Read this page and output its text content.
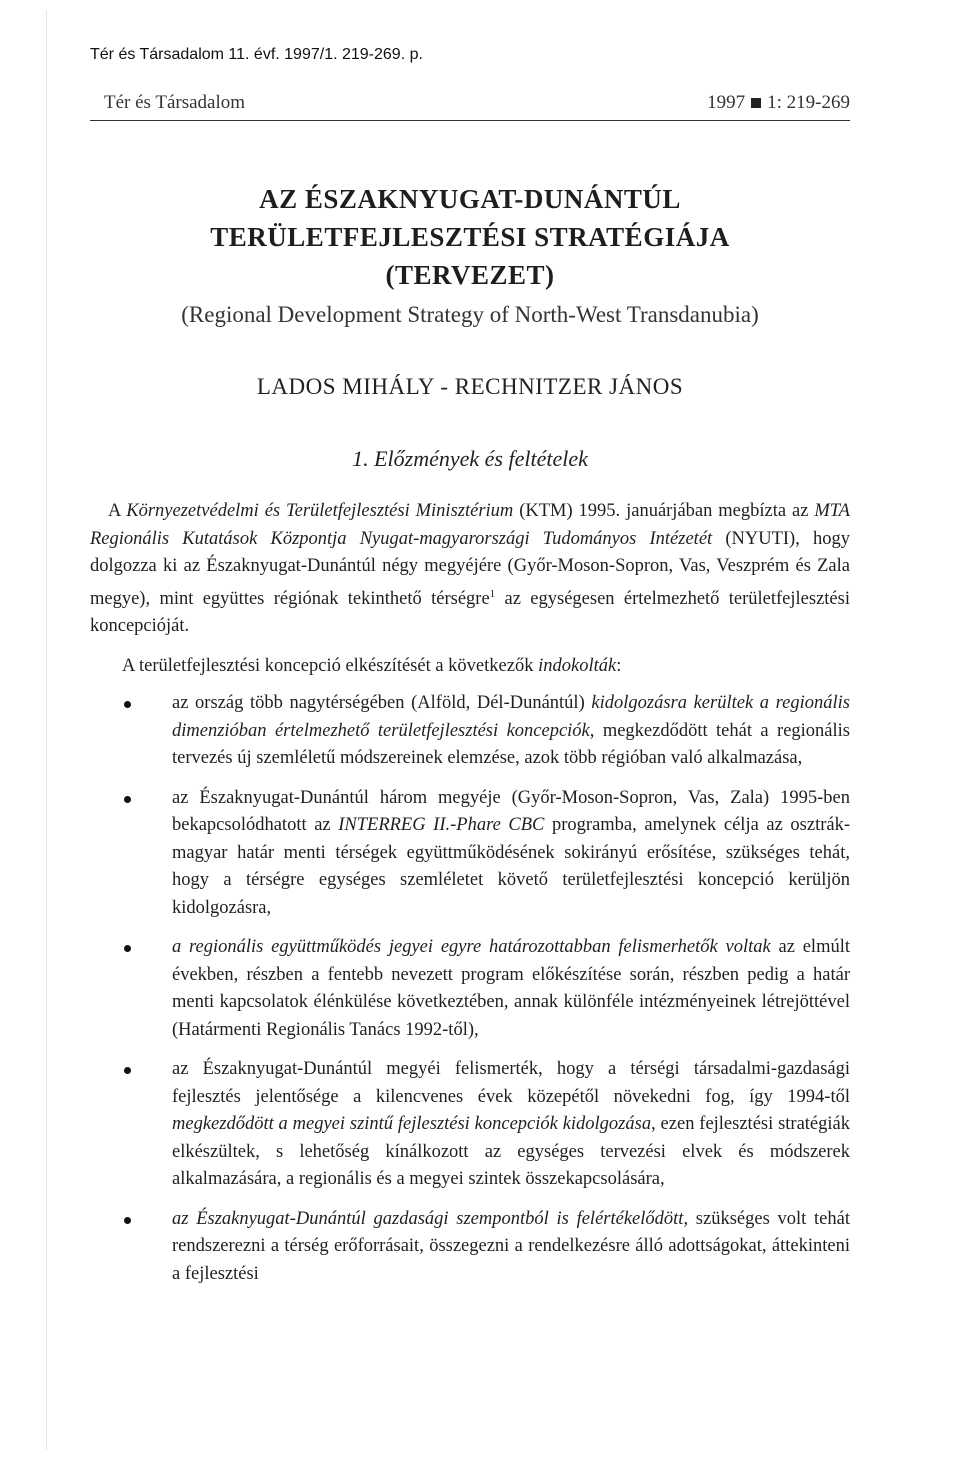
Tér és Társadalom 11. évf. 1997/1. 219-269. p.
Tér és Társadalom	1997 1: 219-269
AZ ÉSZAKNYUGAT-DUNÁNTÚL
TERÜLETFEJLESZTÉSI STRATÉGIÁJA
(TERVEZET)
(Regional Development Strategy of North-West Transdanubia)
LADOS MIHÁLY - RECHNITZER JÁNOS
1. Előzmények és feltételek

A Környezetvédelmi és Területfejlesztési Minisztérium (KTM) 1995. januárjában megbízta az MTA Regionális Kutatások Központja Nyugat-magyarországi Tudományos Intézetét (NYUTI), hogy dolgozza ki az Északnyugat-Dunántúl négy megyéjére (Győr-Moson-Sopron, Vas, Veszprém és Zala megye), mint együttes régiónak tekinthető térségre$^1$ az egységesen értelmezhető területfejlesztési koncepcióját.

A területfejlesztési koncepció elkészítését a következők indokolták:

az ország több nagytérségében (Alföld, Dél-Dunántúl) kidolgozásra kerültek a regionális dimenzióban értelmezhető területfejlesztési koncepciók, megkezdődött tehát a regionális tervezés új szemléletű módszereinek elemzése, azok több régióban való alkalmazása,
az Északnyugat-Dunántúl három megyéje (Győr-Moson-Sopron, Vas, Zala) 1995-ben bekapcsolódhatott az INTERREG II.-Phare CBC programba, amelynek célja az osztrák-magyar határ menti térségek együttműködésének sokirányú erősítése, szükséges tehát, hogy a térségre egységes szemléletet követő területfejlesztési koncepció kerüljön kidolgozásra,
a regionális együttműködés jegyei egyre határozottabban felismerhetők voltak az elmúlt években, részben a fentebb nevezett program előkészítése során, részben pedig a határ menti kapcsolatok élénkülése következtében, annak különféle intézményeinek létrejöttével (Határmenti Regionális Tanács 1992-től),
az Északnyugat-Dunántúl megyéi felismerték, hogy a térségi társadalmi-gazdasági fejlesztés jelentősége a kilencvenes évek közepétől növekedni fog, így 1994-től megkezdődött a megyei szintű fejlesztési koncepciók kidolgozása, ezen fejlesztési stratégiák elkészültek, s lehetőség kínálkozott az egységes tervezési elvek és módszerek alkalmazására, a regionális és a megyei szintek összekapcsolására,
az Északnyugat-Dunántúl gazdasági szempontból is felértékelődött, szükséges volt tehát rendszerezni a térség erőforrásait, összegezni a rendelkezésre álló adottságokat, áttekinteni a fejlesztési
